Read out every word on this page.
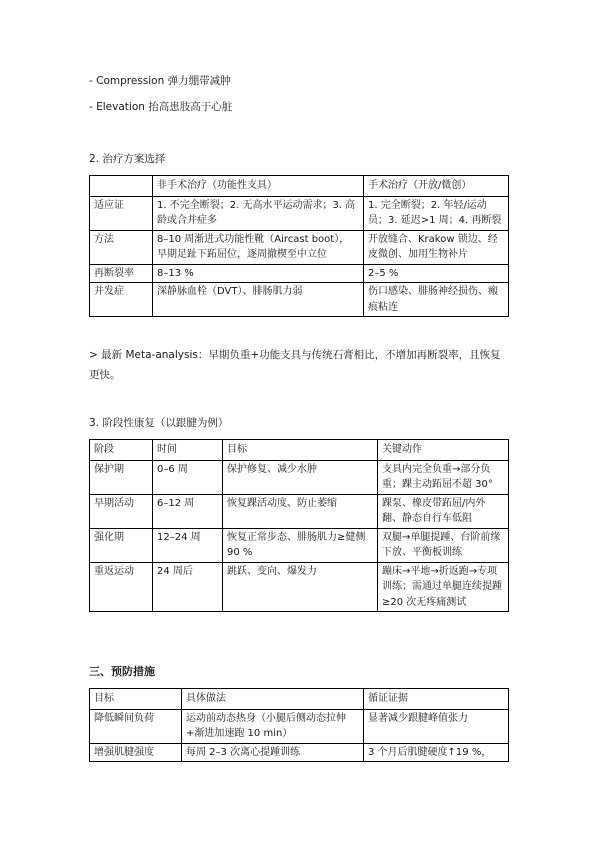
- Compression 弹力绷带减肿

- Elevation 抬高患肢高于心脏

2. 治疗方案选择

	非手术治疗（功能性支具）	手术治疗（开放/微创）
适应证	1. 不完全断裂；2. 无高水平运动需求；3. 高龄或合并症多	1. 完全断裂；2. 年轻/运动员；3. 延迟>1 周；4. 再断裂
方法	8–10 周渐进式功能性靴（Aircast boot），早期足趾下跖屈位，逐周撤楔至中立位	开放缝合、Krakow 锁边、经皮微创、加用生物补片
再断裂率	8–13 %	2–5 %
并发症	深静脉血栓（DVT）、腓肠肌力弱	伤口感染、腓肠神经损伤、瘢痕粘连

> 最新 Meta-analysis：早期负重+功能支具与传统石膏相比，不增加再断裂率，且恢复更快。

3. 阶段性康复（以跟腱为例）

阶段	时间	目标	关键动作
保护期	0–6 周	保护修复、减少水肿	支具内完全负重→部分负重；踝主动跖屈不超 30°
早期活动	6–12 周	恢复踝活动度、防止萎缩	踝泵、橡皮带跖屈/内外翻、静态自行车低阻
强化期	12–24 周	恢复正常步态、腓肠肌力≥健侧 90 %	双腿→单腿提踵、台阶前缘下放、平衡板训练
重返运动	24 周后	跳跃、变向、爆发力	蹦床→平地→折返跑→专项训练；需通过单腿连续提踵≥20 次无疼痛测试

三、预防措施

目标	具体做法	循证证据
降低瞬间负荷	运动前动态热身（小腿后侧动态拉伸+渐进加速跑 10 min）	显著减少跟腱峰值张力
增强肌腱强度	每周 2–3 次离心提踵训练	3 个月后肌腱硬度↑19 %，
